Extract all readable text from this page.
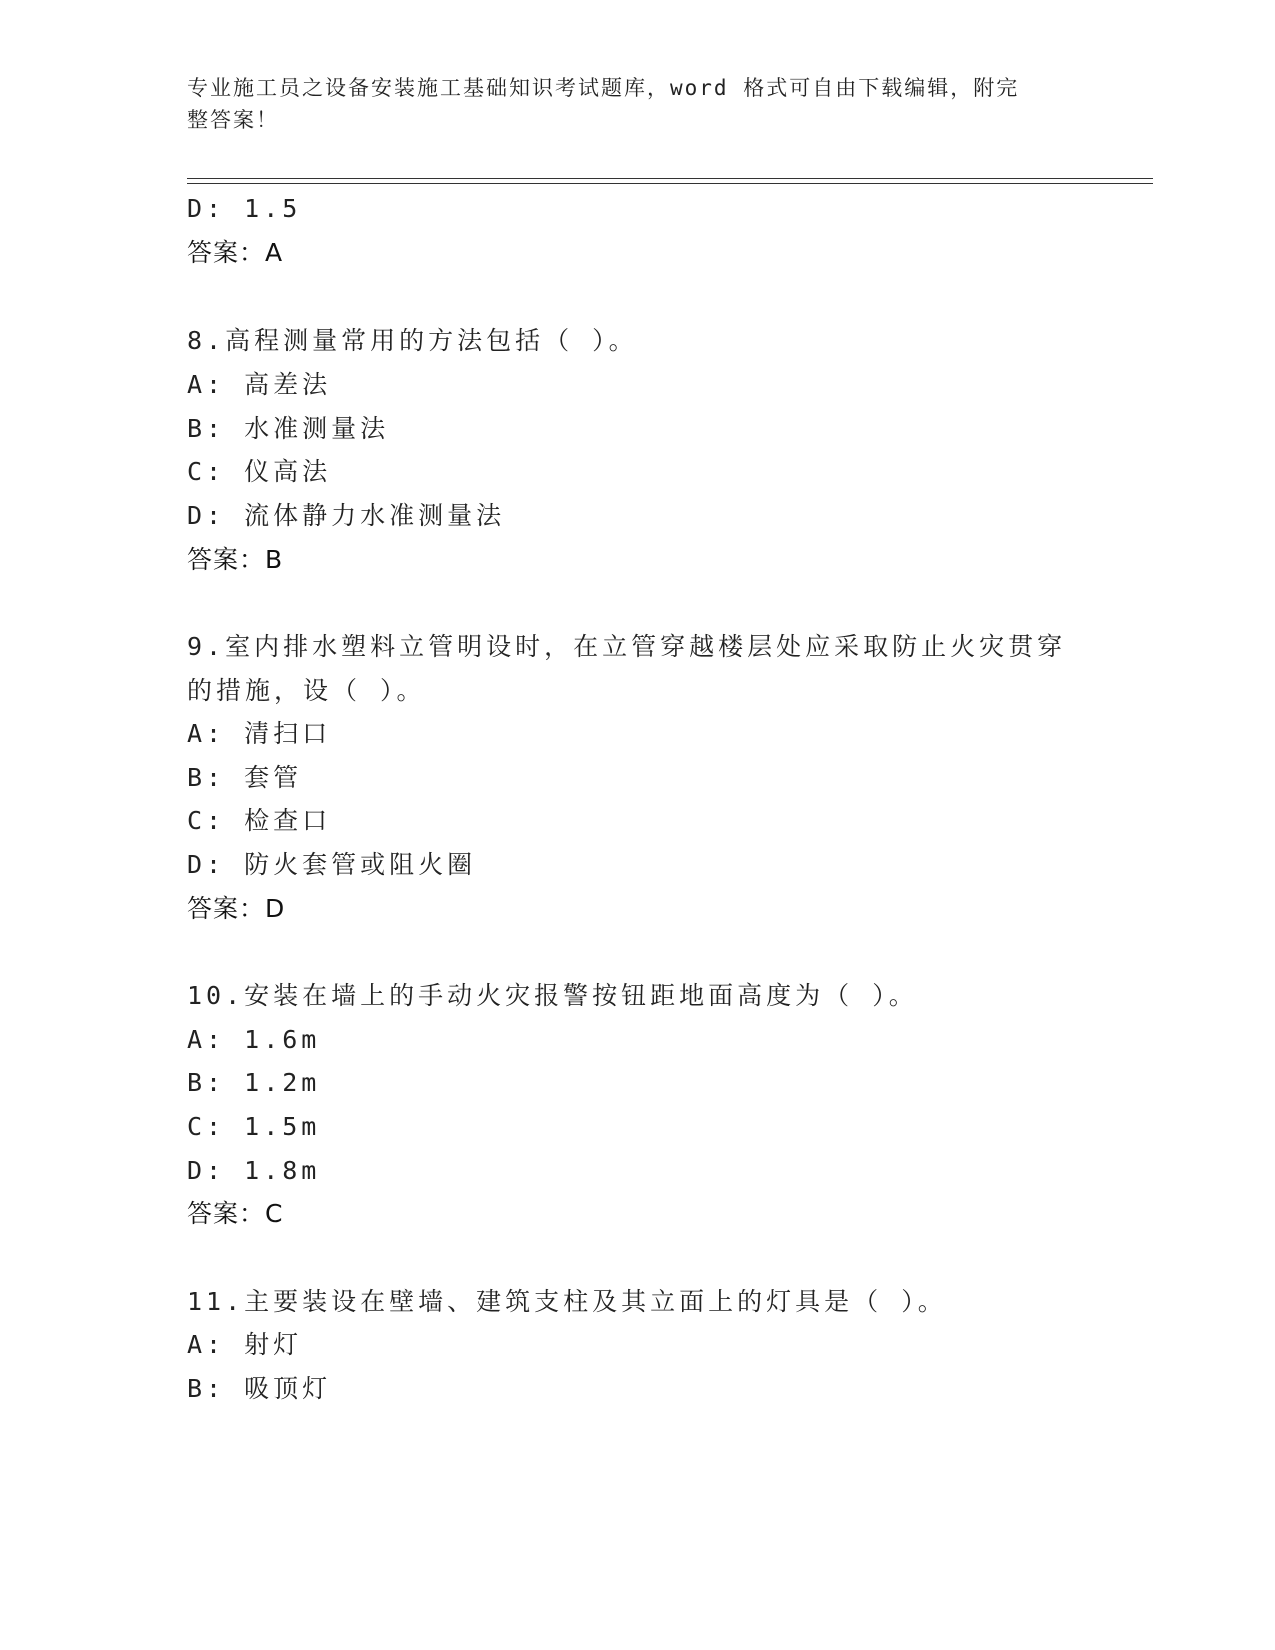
专业施工员之设备安装施工基础知识考试题库，word 格式可自由下载编辑，附完
整答案！
D: 1.5
答案：A
8.高程测量常用的方法包括（ ）。
A: 高差法
B: 水准测量法
C: 仪高法
D: 流体静力水准测量法
答案：B
9.室内排水塑料立管明设时，在立管穿越楼层处应采取防止火灾贯穿
的措施，设（ ）。
A: 清扫口
B: 套管
C: 检查口
D: 防火套管或阻火圈
答案：D
10.安装在墙上的手动火灾报警按钮距地面高度为（ ）。
A: 1.6m
B: 1.2m
C: 1.5m
D: 1.8m
答案：C
11.主要装设在壁墙、建筑支柱及其立面上的灯具是（ ）。
A: 射灯
B: 吸顶灯
